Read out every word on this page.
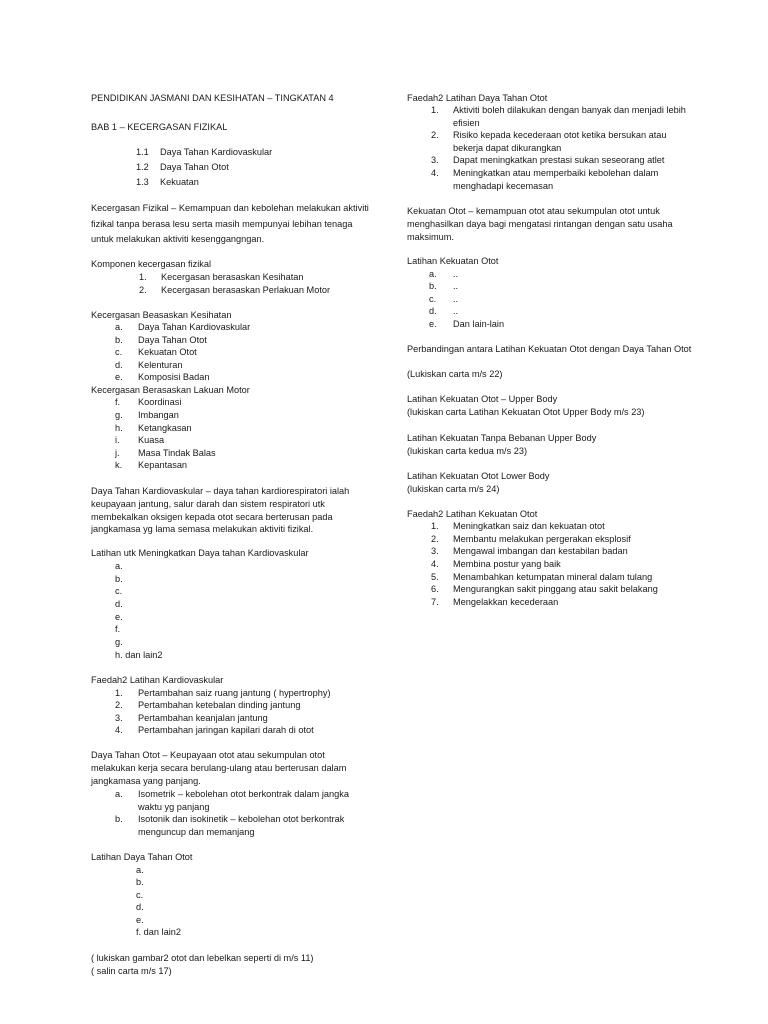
PENDIDIKAN JASMANI DAN KESIHATAN – TINGKATAN 4
BAB 1 – KECERGASAN FIZIKAL
1.1 Daya Tahan Kardiovaskular
1.2 Daya Tahan Otot
1.3 Kekuatan
Kecergasan Fizikal – Kemampuan dan kebolehan melakukan aktiviti fizikal tanpa berasa lesu serta masih mempunyai lebihan tenaga untuk melakukan aktiviti kesenggangngan.
Komponen kecergasan fizikal
1. Kecergasan berasaskan Kesihatan
2. Kecergasan berasaskan Perlakuan Motor
Kecergasan Beasaskan Kesihatan
a. Daya Tahan Kardiovaskular
b. Daya Tahan Otot
c. Kekuatan Otot
d. Kelenturan
e. Komposisi Badan
Kecergasan Berasaskan Lakuan Motor
f. Koordinasi
g. Imbangan
h. Ketangkasan
i. Kuasa
j. Masa Tindak Balas
k. Kepantasan
Daya Tahan Kardiovaskular – daya tahan kardiorespiratori ialah keupayaan jantung, salur darah dan sistem respiratori utk membekalkan oksigen kepada otot secara berterusan pada jangkamasa yg lama semasa melakukan aktiviti fizikal.
Latihan utk Meningkatkan Daya tahan Kardiovaskular
a.
b.
c.
d.
e.
f.
g.
h. dan lain2
Faedah2 Latihan Kardiovaskular
1. Pertambahan saiz ruang jantung ( hypertrophy)
2. Pertambahan ketebalan dinding jantung
3. Pertambahan keanjalan jantung
4. Pertambahan jaringan kapilari darah di otot
Daya Tahan Otot – Keupayaan otot atau sekumpulan otot melakukan kerja secara berulang-ulang atau berterusan dalam jangkamasa yang panjang.
a. Isometrik – kebolehan otot berkontrak dalam jangka waktu yg panjang
b. Isotonik dan isokinetik – kebolehan otot berkontrak menguncup dan memanjang
Latihan Daya Tahan Otot
a.
b.
c.
d.
e.
f. dan lain2
( lukiskan gambar2 otot dan lebelkan seperti di m/s 11)
( salin carta m/s 17)
Faedah2 Latihan Daya Tahan Otot
1. Aktiviti boleh dilakukan dengan banyak dan menjadi lebih efisien
2. Risiko kepada kecederaan otot ketika bersukan atau bekerja dapat dikurangkan
3. Dapat meningkatkan prestasi sukan seseorang atlet
4. Meningkatkan atau memperbaiki kebolehan dalam menghadapi kecemasan
Kekuatan Otot – kemampuan otot atau sekumpulan otot untuk menghasilkan daya bagi mengatasi rintangan dengan satu usaha maksimum.
Latihan Kekuatan Otot
a. ..
b. ..
c. ..
d. ..
e. Dan lain-lain
Perbandingan antara Latihan Kekuatan Otot dengan Daya Tahan Otot
(Lukiskan carta m/s 22)
Latihan Kekuatan Otot – Upper Body
(lukiskan carta Latihan Kekuatan Otot Upper Body m/s 23)
Latihan Kekuatan Tanpa Bebanan Upper Body
(lukiskan carta kedua m/s 23)
Latihan Kekuatan Otot Lower Body
(lukiskan carta m/s 24)
Faedah2 Latihan Kekuatan Otot
1. Meningkatkan saiz dan kekuatan otot
2. Membantu melakukan pergerakan eksplosif
3. Mengawal imbangan dan kestabilan badan
4. Membina postur yang baik
5. Menambahkan ketumpatan mineral dalam tulang
6. Mengurangkan sakit pinggang atau sakit belakang
7. Mengelakkan kecederaan
